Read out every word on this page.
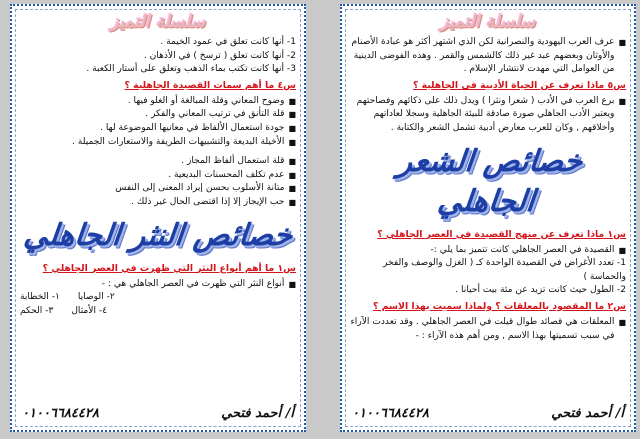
سلسلة التميز
1- أنها كانت تعلق في عمود الخيمة .
2- أنها كانت تعلق ( ترسخ ) في الأذهان .
3- أنها كانت تكتب بماء الذهب وتعلق على أستار الكعبة .
س٤ ما أهم سمات القصيدة الجاهلية ؟
■
وضوح المعاني وقلة المبالغة أو الغلو فيها .
■
قلة التأنق في ترتيب المعاني والفكر .
■
جودة استعمال الألفاظ في معانيها الموضوعة لها .
■
الأخيلة البديعة والتشبيهات الطريفة والاستعارات الجميلة .
■
قلة استعمال ألفاظ المجاز .
■
عدم تكلف المحسنات البديعية .
■
متانة الأسلوب بحسن إيراد المعنى إلى النفس
■
حب الإيجاز إلا إذا اقتضى الحال غير ذلك .
خصائص النثر الجاهلي
س١ ما أهم أنواع النثر التي ظهرت في العصر الجاهلي ؟
■
أنواع النثر التي ظهرت في العصر الجاهلي هي : -
١- الخطابة ٢- الوصايا
٣- الحكم ٤- الأمثال
٠١٠٠٦٦٨٤٤٢٨	أ/ أحمد فتحي
سلسلة التميز
■
عرف العرب اليهودية والنصرانية لكن الذي اشتهر أكثر هو عبادة الأصنام والأوثان وبعضهم عبد غير ذلك كالشمس والقمر . وهذه الفوضى الدينية من العوامل التي مهدت لانتشار الإسلام .
س٥ ماذا تعرف عن الحياة الأدبية في الجاهلية ؟
■
برع العرب في الأدب ( شعرا ونثرا ) ويدل ذلك على ذكائهم وفصاحتهم ويعتبر الأدب الجاهلي صورة صادقة للبيئة الجاهلية وسجلا لعاداتهم وأخلاقهم , وكان للعرب معارض أدبية تشمل الشعر والكتابة .
خصائص الشعر الجاهلي
س١ ماذا تعرف عن منهج القصيدة في العصر الجاهلي ؟
■
القصيدة في العصر الجاهلي كانت تتميز بما يلي :-
1- تعدد الأغراض في القصيدة الواحدة كـ ( الغزل والوصف والفخر والحماسة )
2- الطول حيث كانت تزيد عن مئة بيت أحيانا .
س٢ ما المقصود بالمعلقات ؟ ولماذا سميت بهذا الاسم ؟
■
المعلقات هي قصائد طوال قيلت في العصر الجاهلي . وقد تعددت الآراء في سبب تسميتها بهذا الاسم , ومن أهم هذه الآراء : -
٠١٠٠٦٦٨٤٤٢٨	أ/ أحمد فتحي
